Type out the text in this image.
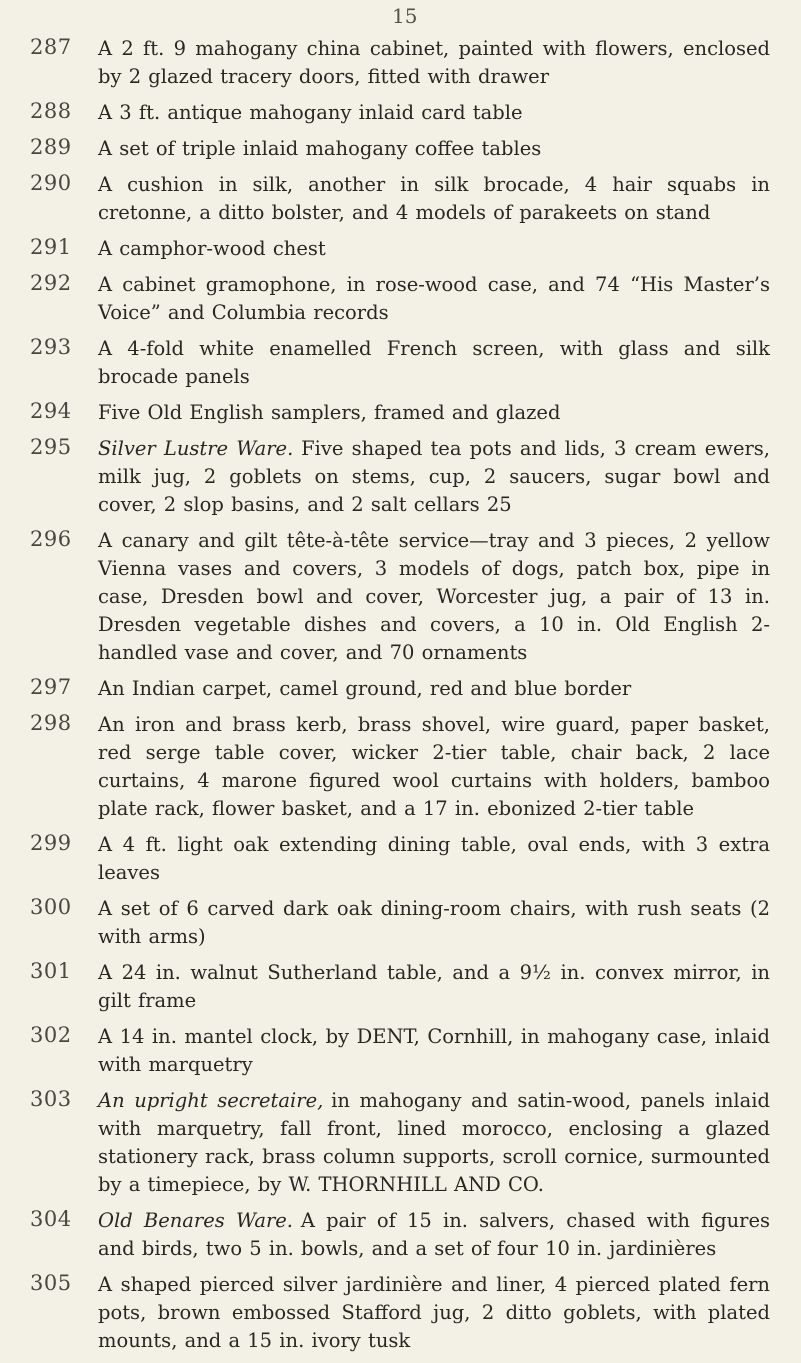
15
287 A 2 ft. 9 mahogany china cabinet, painted with flowers, enclosed by 2 glazed tracery doors, fitted with drawer
288 A 3 ft. antique mahogany inlaid card table
289 A set of triple inlaid mahogany coffee tables
290 A cushion in silk, another in silk brocade, 4 hair squabs in cretonne, a ditto bolster, and 4 models of parakeets on stand
291 A camphor-wood chest
292 A cabinet gramophone, in rose-wood case, and 74 “His Master’s Voice” and Columbia records
293 A 4-fold white enamelled French screen, with glass and silk brocade panels
294 Five Old English samplers, framed and glazed
295 Silver Lustre Ware. Five shaped tea pots and lids, 3 cream ewers, milk jug, 2 goblets on stems, cup, 2 saucers, sugar bowl and cover, 2 slop basins, and 2 salt cellars 25
296 A canary and gilt tête-à-tête service—tray and 3 pieces, 2 yellow Vienna vases and covers, 3 models of dogs, patch box, pipe in case, Dresden bowl and cover, Worcester jug, a pair of 13 in. Dresden vegetable dishes and covers, a 10 in. Old English 2-handled vase and cover, and 70 ornaments
297 An Indian carpet, camel ground, red and blue border
298 An iron and brass kerb, brass shovel, wire guard, paper basket, red serge table cover, wicker 2-tier table, chair back, 2 lace curtains, 4 marone figured wool curtains with holders, bamboo plate rack, flower basket, and a 17 in. ebonized 2-tier table
299 A 4 ft. light oak extending dining table, oval ends, with 3 extra leaves
300 A set of 6 carved dark oak dining-room chairs, with rush seats (2 with arms)
301 A 24 in. walnut Sutherland table, and a 9½ in. convex mirror, in gilt frame
302 A 14 in. mantel clock, by DENT, Cornhill, in mahogany case, inlaid with marquetry
303 An upright secretaire, in mahogany and satin-wood, panels inlaid with marquetry, fall front, lined morocco, enclosing a glazed stationery rack, brass column supports, scroll cornice, surmounted by a timepiece, by W. THORNHILL AND CO.
304 Old Benares Ware. A pair of 15 in. salvers, chased with figures and birds, two 5 in. bowls, and a set of four 10 in. jardinières
305 A shaped pierced silver jardinière and liner, 4 pierced plated fern pots, brown embossed Stafford jug, 2 ditto goblets, with plated mounts, and a 15 in. ivory tusk
